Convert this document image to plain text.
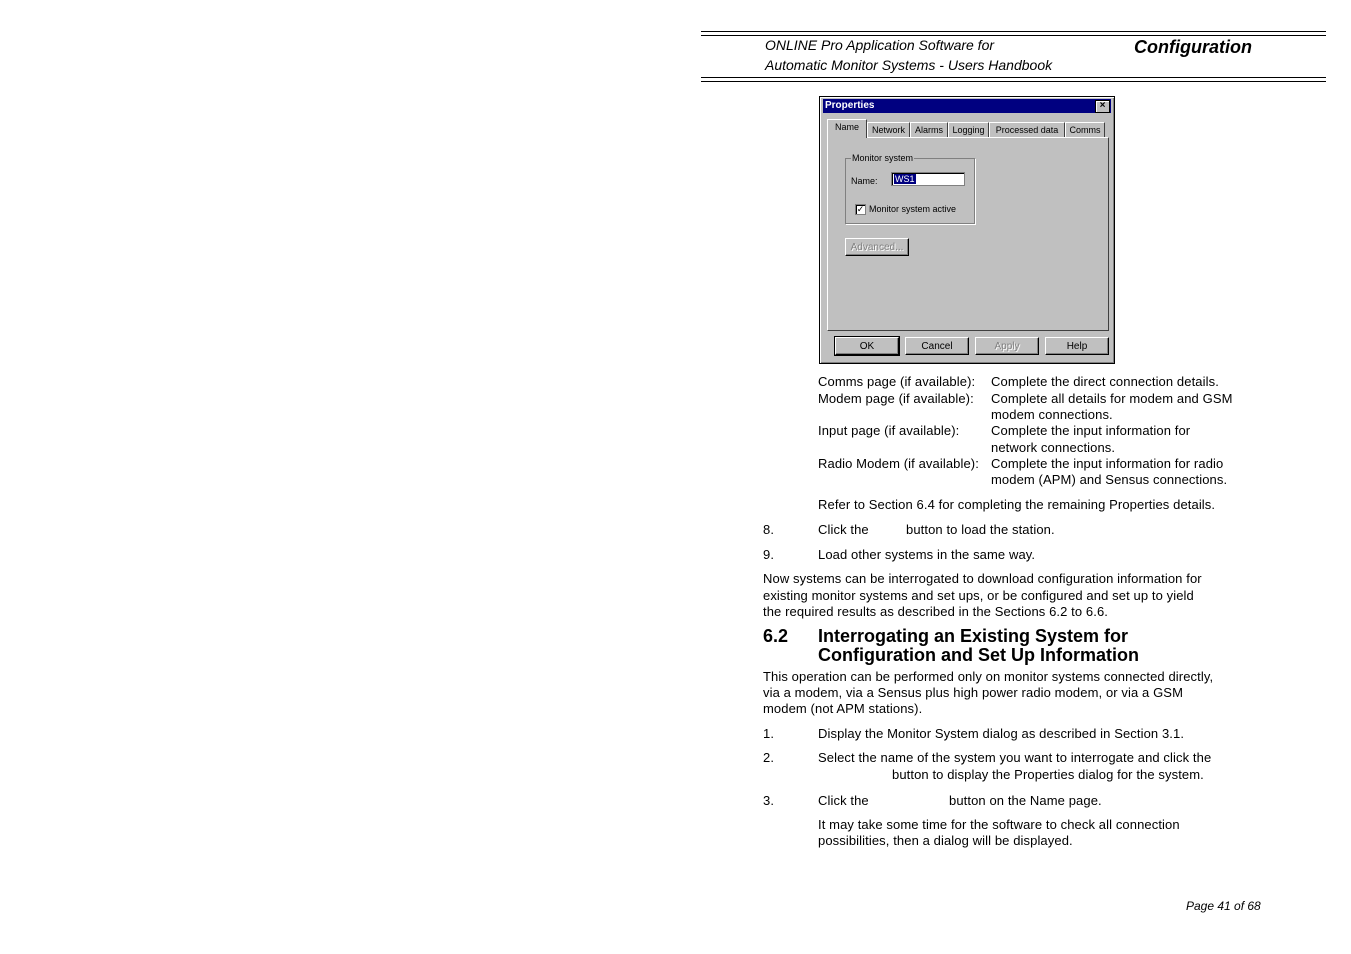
ONLINE Pro Application Software for
Automatic Monitor Systems - Users Handbook
Configuration
Properties	×
Name	Network	Alarms	Logging	Processed data	Comms
Monitor system
Name: WS1
✓ Monitor system active
Advanced...
OK	Cancel	Apply	Help
Comms page (if available): Complete the direct connection details.
Modem page (if available): Complete all details for modem and GSM
modem connections.
Input page (if available): Complete the input information for
network connections.
Radio Modem (if available): Complete the input information for radio
modem (APM) and Sensus connections.
Refer to Section 6.4 for completing the remaining Properties details.
8.	Click the	button to load the station.
9.	Load other systems in the same way.
Now systems can be interrogated to download configuration information for
existing monitor systems and set ups, or be configured and set up to yield
the required results as described in the Sections 6.2 to 6.6.
6.2 Interrogating an Existing System for
Configuration and Set Up Information
This operation can be performed only on monitor systems connected directly,
via a modem, via a Sensus plus high power radio modem, or via a GSM
modem (not APM stations).
1.	Display the Monitor System dialog as described in Section 3.1.
2.	Select the name of the system you want to interrogate and click the
button to display the Properties dialog for the system.
3.	Click the	button on the Name page.
It may take some time for the software to check all connection
possibilities, then a dialog will be displayed.
Page 41 of 68
